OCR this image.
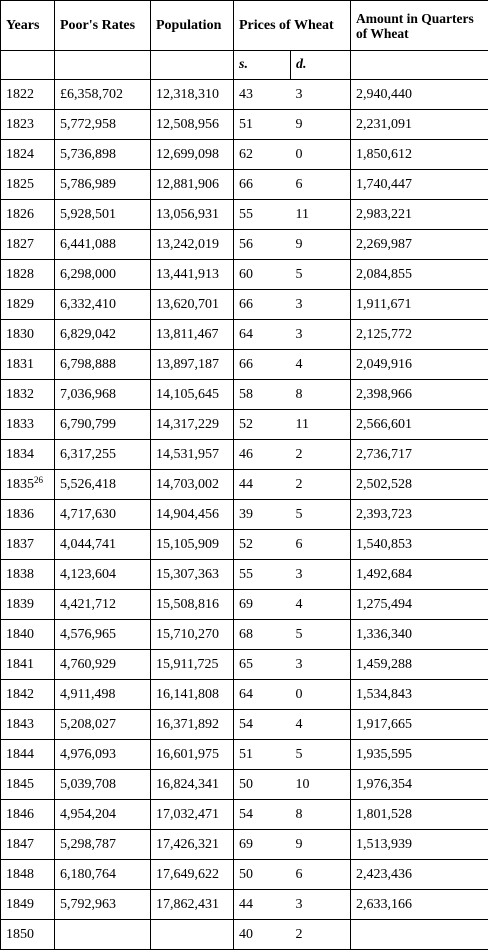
Years	Poor's Rates	Population	Prices of Wheat		Amount in Quarters of Wheat
			s.	d.	
1822	£6,358,702	12,318,310	43	3	2,940,440
1823	5,772,958	12,508,956	51	9	2,231,091
1824	5,736,898	12,699,098	62	0	1,850,612
1825	5,786,989	12,881,906	66	6	1,740,447
1826	5,928,501	13,056,931	55	11	2,983,221
1827	6,441,088	13,242,019	56	9	2,269,987
1828	6,298,000	13,441,913	60	5	2,084,855
1829	6,332,410	13,620,701	66	3	1,911,671
1830	6,829,042	13,811,467	64	3	2,125,772
1831	6,798,888	13,897,187	66	4	2,049,916
1832	7,036,968	14,105,645	58	8	2,398,966
1833	6,790,799	14,317,229	52	11	2,566,601
1834	6,317,255	14,531,957	46	2	2,736,717
1835$^{26}$	5,526,418	14,703,002	44	2	2,502,528
1836	4,717,630	14,904,456	39	5	2,393,723
1837	4,044,741	15,105,909	52	6	1,540,853
1838	4,123,604	15,307,363	55	3	1,492,684
1839	4,421,712	15,508,816	69	4	1,275,494
1840	4,576,965	15,710,270	68	5	1,336,340
1841	4,760,929	15,911,725	65	3	1,459,288
1842	4,911,498	16,141,808	64	0	1,534,843
1843	5,208,027	16,371,892	54	4	1,917,665
1844	4,976,093	16,601,975	51	5	1,935,595
1845	5,039,708	16,824,341	50	10	1,976,354
1846	4,954,204	17,032,471	54	8	1,801,528
1847	5,298,787	17,426,321	69	9	1,513,939
1848	6,180,764	17,649,622	50	6	2,423,436
1849	5,792,963	17,862,431	44	3	2,633,166
1850			40	2	
